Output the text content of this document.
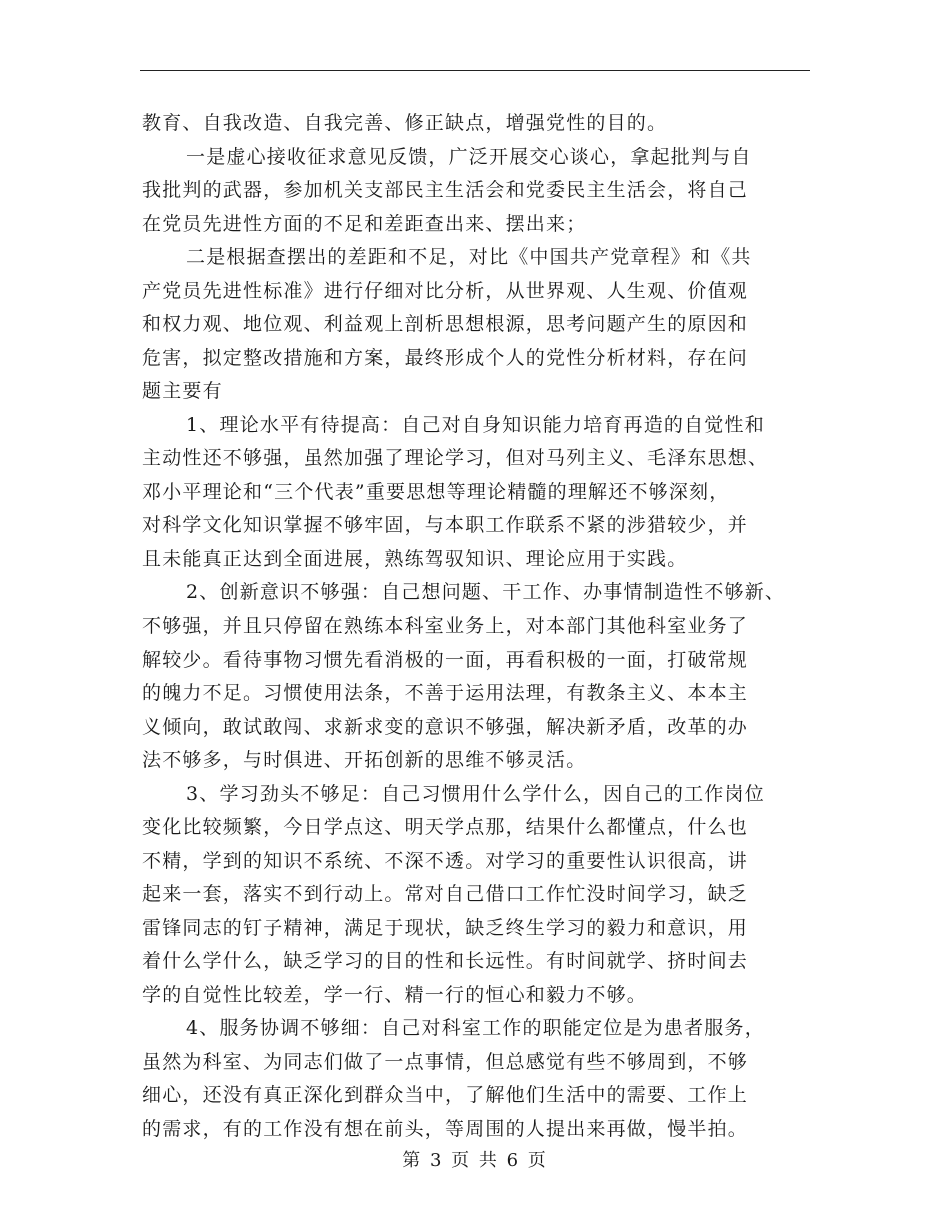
教育、自我改造、自我完善、修正缺点，增强党性的目的。
一是虚心接收征求意见反馈，广泛开展交心谈心，拿起批判与自
我批判的武器，参加机关支部民主生活会和党委民主生活会，将自己
在党员先进性方面的不足和差距查出来、摆出来；
二是根据查摆出的差距和不足，对比《中国共产党章程》和《共
产党员先进性标准》进行仔细对比分析，从世界观、人生观、价值观
和权力观、地位观、利益观上剖析思想根源，思考问题产生的原因和
危害，拟定整改措施和方案，最终形成个人的党性分析材料，存在问
题主要有
1、理论水平有待提高：自己对自身知识能力培育再造的自觉性和
主动性还不够强，虽然加强了理论学习，但对马列主义、毛泽东思想、
邓小平理论和“三个代表”重要思想等理论精髓的理解还不够深刻，
对科学文化知识掌握不够牢固，与本职工作联系不紧的涉猎较少，并
且未能真正达到全面进展，熟练驾驭知识、理论应用于实践。
2、创新意识不够强：自己想问题、干工作、办事情制造性不够新、
不够强，并且只停留在熟练本科室业务上，对本部门其他科室业务了
解较少。看待事物习惯先看消极的一面，再看积极的一面，打破常规
的魄力不足。习惯使用法条，不善于运用法理，有教条主义、本本主
义倾向，敢试敢闯、求新求变的意识不够强，解决新矛盾，改革的办
法不够多，与时俱进、开拓创新的思维不够灵活。
3、学习劲头不够足：自己习惯用什么学什么，因自己的工作岗位
变化比较频繁，今日学点这、明天学点那，结果什么都懂点，什么也
不精，学到的知识不系统、不深不透。对学习的重要性认识很高，讲
起来一套，落实不到行动上。常对自己借口工作忙没时间学习，缺乏
雷锋同志的钉子精神，满足于现状，缺乏终生学习的毅力和意识，用
着什么学什么，缺乏学习的目的性和长远性。有时间就学、挤时间去
学的自觉性比较差，学一行、精一行的恒心和毅力不够。
4、服务协调不够细：自己对科室工作的职能定位是为患者服务，
虽然为科室、为同志们做了一点事情，但总感觉有些不够周到，不够
细心，还没有真正深化到群众当中，了解他们生活中的需要、工作上
的需求，有的工作没有想在前头，等周围的人提出来再做，慢半拍。
第 3 页 共 6 页
